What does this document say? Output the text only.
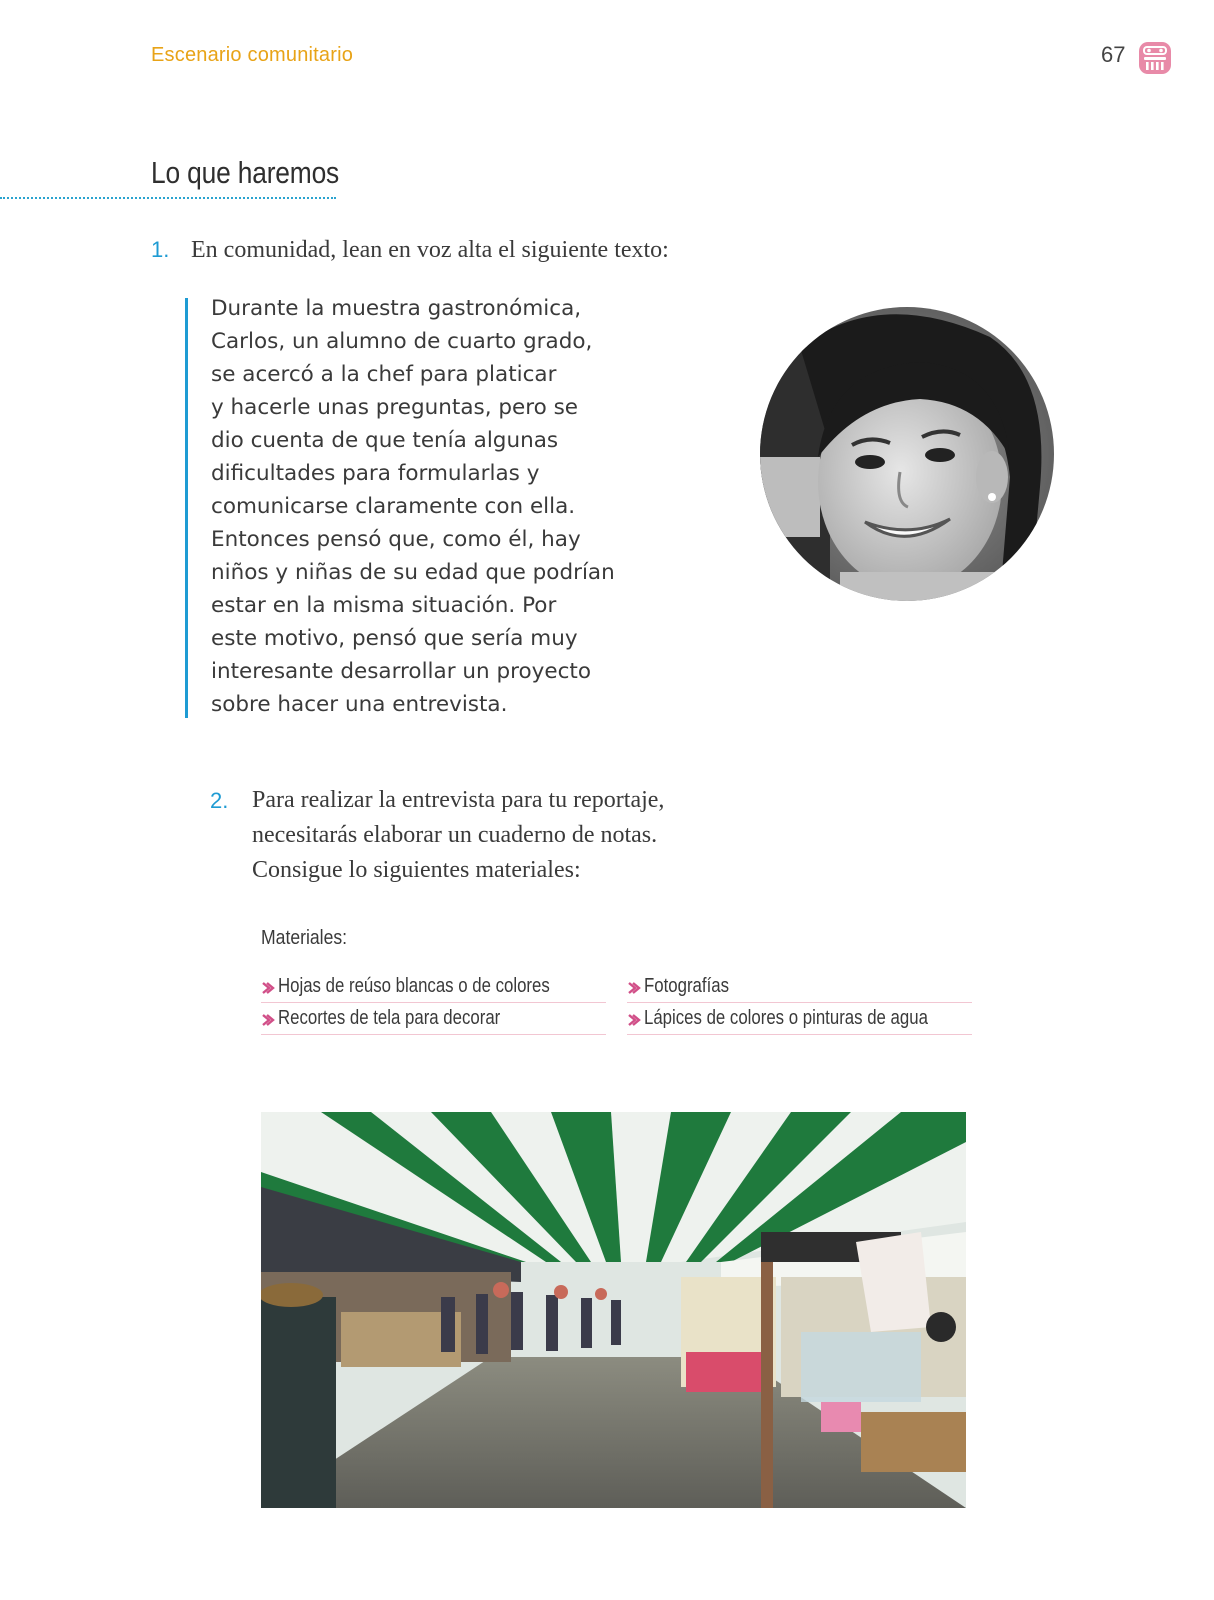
Escenario comunitario	67
Lo que haremos
1. En comunidad, lean en voz alta el siguiente texto:
Durante la muestra gastronómica,
Carlos, un alumno de cuarto grado,
se acercó a la chef para platicar
y hacerle unas preguntas, pero se
dio cuenta de que tenía algunas
dificultades para formularlas y
comunicarse claramente con ella.
Entonces pensó que, como él, hay
niños y niñas de su edad que podrían
estar en la misma situación. Por
este motivo, pensó que sería muy
interesante desarrollar un proyecto
sobre hacer una entrevista.
2. Para realizar la entrevista para tu reportaje,
necesitarás elaborar un cuaderno de notas.
Consigue lo siguientes materiales:
Materiales:
Hojas de reúso blancas o de colores
Recortes de tela para decorar
Fotografías
Lápices de colores o pinturas de agua
